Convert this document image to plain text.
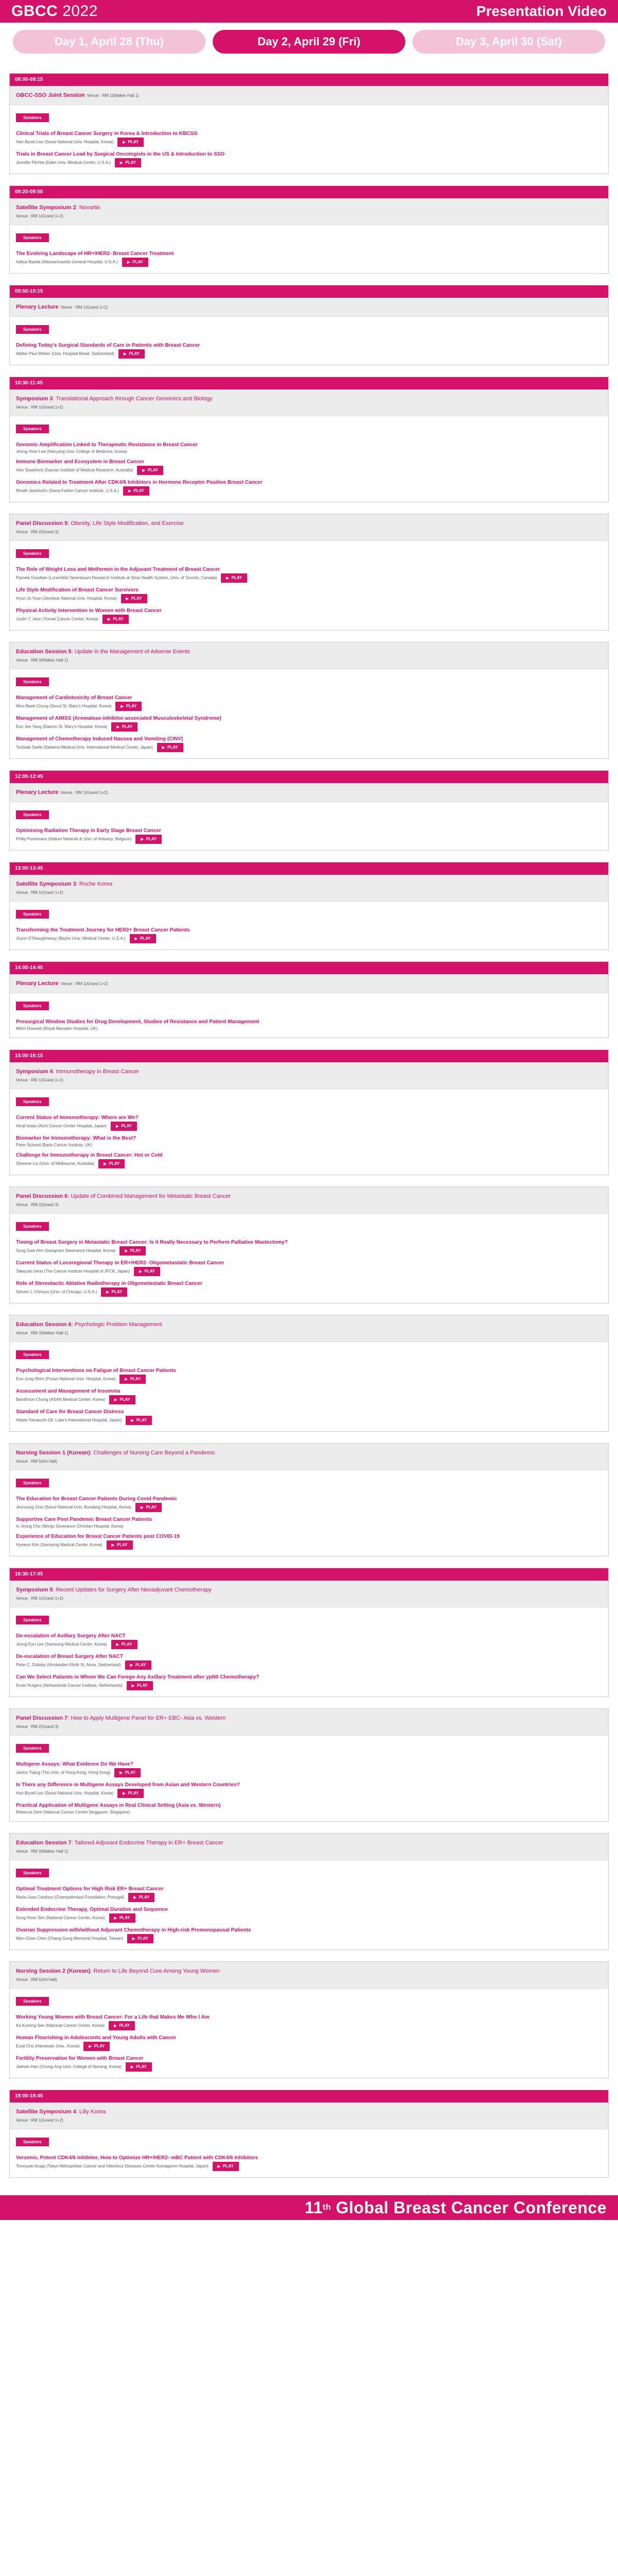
GBCC 2022	Presentation Video
Day 1, April 28 (Thu)	Day 2, April 29 (Fri)	Day 3, April 30 (Sat)
08:00-09:15
GBCC-SSO Joint Session Venue : RM 1(Walker Hall 1)
Speakers
Clinical Trials of Breast Cancer Surgery in Korea & Introduction to KBCSG
Han-Byoel Lee (Seoul National Univ. Hospital, Korea)	▶ PLAY
Trials in Breast Cancer Lead by Surgical Oncologists in the US & Introduction to SSO
Jennifer Plichta (Duke Univ. Medical Center, U.S.A.)	▶ PLAY
09:20-09:50
Satellite Symposium 2: Novartis
Venue : RM 1(Grand 1+2)
Speakers
The Evolving Landscape of HR+/HER2- Breast Cancer Treatment
Aditya Bardia (Massachusetts General Hospital, U.S.A.)	▶ PLAY
09:50-10:15
Plenary Lecture Venue : RM 1(Grand 1+2)
Speakers
Defining Today's Surgical Standards of Care in Patients with Breast Cancer
Walter Paul Weber (Univ. Hospital Basel, Switzerland)	▶ PLAY
10:30-11:45
Symposium 3: Translational Approach through Cancer Genomics and Biology
Venue : RM 1(Grand 1+2)
Speakers
Genomic Amplification Linked to Therapeutic Resistance in Breast Cancer
Jeong-Yeon Lee (Hanyang Univ. College of Medicine, Korea)
Immune Biomarker and Ecosystem in Breast Cancer
Alex Swarbrick (Garvan Institute of Medical Research, Australia)	▶ PLAY
Genomics Related to Treatment After CDK4/6 Inhibitors in Hormone Receptor Positive Breast Cancer
Rinath Jeselsohn (Dana-Farber Cancer Institute, U.S.A.)	▶ PLAY
Panel Discussion 5: Obesity, Life Style Modification, and Exercise
Venue : RM 2(Grand 3)
Speakers
The Role of Weight Loss and Metformin in the Adjuvant Treatment of Breast Cancer
Pamela Goodwin (Lunenfeld-Tanenbaum Research Institute at Sinai Health System, Univ. of Toronto, Canada)	▶ PLAY
Life Style Modification of Breast Cancer Survivors
Hyun Jo Youn (Jeonbuk National Univ. Hospital, Korea)	▶ PLAY
Physical Activity Intervention in Women with Breast Cancer
Justin Y. Jeon (Yonsei Cancer Center, Korea)	▶ PLAY
Education Session 5: Update in the Management of Adverse Events
Venue : RM 3(Walker Hall 1)
Speakers
Management of Cardiotoxicity of Breast Cancer
Woo-Baek Chung (Seoul St. Mary's Hospital, Korea)	▶ PLAY
Management of AIMSS (Aromatase-inhibitor-associated Musculoskeletal Syndrome)
Eun Jee Yang (Daerim St. Mary's Hospital, Korea)	▶ PLAY
Management of Chemotherapy Induced Nausea and Vomiting (CINV)
Toshiaki Saeki (Saitama Medical Univ. International Medical Center, Japan)	▶ PLAY
12:00-12:45
Plenary Lecture Venue : RM 1(Grand 1+2)
Speakers
Optimising Radiation Therapy in Early Stage Breast Cancer
Philip Poortmans (Iridium Network & Univ. of Antwerp, Belgium)	▶ PLAY
13:00-13:45
Satellite Symposium 3: Roche Korea
Venue : RM 1(Grand 1+2)
Speakers
Transforming the Treatment Journey for HER2+ Breast Cancer Patients
Joyce O'Shaughnessy (Baylor Univ. Medical Center, U.S.A.)	▶ PLAY
14:00-14:45
Plenary Lecture Venue : RM 1(Grand 1+2)
Speakers
Presurgical Window Studies for Drug Development, Studies of Resistance and Patient Management
Mitch Dowsett (Royal Marsden Hospital, UK)
15:00-16:15
Symposium 4: Immunotherapy in Breast Cancer
Venue : RM 1(Grand 1+2)
Speakers
Current Status of Immunotherapy: Where are We?
Hiroji Iwata (Aichi Cancer Center Hospital, Japan)	▶ PLAY
Biomarker for Immunotherapy: What is the Best?
Peter Schmid (Barts Cancer Institute, UK)
Challenge for Immunotherapy in Breast Cancer: Hot or Cold
Sherene Loi (Univ. of Melbourne, Australia)	▶ PLAY
Panel Discussion 6: Update of Combined Management for Metastatic Breast Cancer
Venue : RM 2(Grand 3)
Speakers
Timing of Breast Surgery in Metastatic Breast Cancer: Is it Really Necessary to Perform Palliative Mastectomy?
Sung Gwe Ahn (Gangnam Severance Hospital, Korea)	▶ PLAY
Current Status of Locoregional Therapy in ER+/HER2- Oligometastatic Breast Cancer
Takayuki Ueno (The Cancer Institute Hospital of JFCR, Japan)	▶ PLAY
Role of Stereotactic Ablative Radiotherapy in Oligometastatic Breast Cancer
Steven J. Chmura (Univ. of Chicago, U.S.A.)	▶ PLAY
Education Session 6: Psychologic Problem Management
Venue : RM 3(Walker Hall 1)
Speakers
Psychological Interventions on Fatigue of Breast Cancer Patients
Eun-Jung Shim (Pusan National Univ. Hospital, Korea)	▶ PLAY
Assessment and Management of Insomnia
Bandhoon Chung (ASAN Medical Center, Korea)	▶ PLAY
Standard of Care for Breast Cancer Distress
Hideki Yamauchi (St. Luke's International Hospital, Japan)	▶ PLAY
Nursing Session 1 (Korean): Challenges of Nursing Care Beyond a Pandemic
Venue : RM 5(Art Hall)
Speakers
The Education for Breast Cancer Patients During Covid Pandemic
Jeonsung Choi (Seoul National Univ. Bundang Hospital, Korea)	▶ PLAY
Supportive Care Post Pandemic Breast Cancer Patients
In Jeong Cho (Wonju Severance Christian Hospital, Korea)
Experience of Education for Breast Cancer Patients post COVID-19
Hyewon Kim (Samsung Medical Center, Korea)	▶ PLAY
16:30-17:45
Symposium 5: Recent Updates for Surgery After Neoadjuvant Chemotherapy
Venue : RM 1(Grand 1+2)
Speakers
De-escalation of Axillary Surgery After NACT
Jeong Eon Lee (Samsung Medical Center, Korea)	▶ PLAY
De-escalation of Breast Surgery After NACT
Peter C. Dubsky (Hirslanden Klinik St. Anna, Switzerland)	▶ PLAY
Can We Select Patients in Whom We Can Forego Any Axillary Treatment after ypN0 Chemotherapy?
Emiel Rutgers (Netherlands Cancer Institute, Netherlands)	▶ PLAY
Panel Discussion 7: How to Apply Multigene Panel for ER+ EBC- Asia vs. Western
Venue : RM 2(Grand 3)
Speakers
Multigene Assays: What Evidence Do We Have?
Janice Tsang (The Univ. of Hong Kong, Hong Kong)	▶ PLAY
Is There any Difference in Multigene Assays Developed from Asian and Western Countries?
Han-Byoel Lee (Seoul National Univ. Hospital, Korea)	▶ PLAY
Practical Application of Multigene Assays in Real Clinical Setting (Asia vs. Western)
Rebecca Dent (National Cancer Centre Singapore, Singapore)
Education Session 7: Tailored Adjuvant Endocrine Therapy in ER+ Breast Cancer
Venue : RM 3(Walker Hall 1)
Speakers
Optimal Treatment Options for High Risk ER+ Breast Cancer
Maria-Joao Cardoso (Champalimaud Foundation, Portugal)	▶ PLAY
Extended Endocrine Therapy, Optimal Duration and Sequence
Sung Hoon Sim (National Cancer Center, Korea)	▶ PLAY
Ovarian Suppression with/without Adjuvant Chemotherapy in High-risk Premenopausal Patients
Wen-Chen Chen (Chang Gung Memorial Hospital, Taiwan)	▶ PLAY
Nursing Session 2 (Korean): Return to Life Beyond Cure Among Young Women
Venue : RM 5(Art Hall)
Speakers
Working Young Women with Breast Cancer: For a Life that Makes Me Who I Am
Ka Kyeong Seo (National Cancer Center, Korea)	▶ PLAY
Human Flourishing in Adolescents and Young Adults with Cancer
Eunji Cho (Hanseatic Univ., Korea)	▶ PLAY
Fertility Preservation for Women with Breast Cancer
Jaehee Han (Chung-Ang Univ. College of Nursing, Korea)	▶ PLAY
18:00-18:45
Satellite Symposium 4: Lilly Korea
Venue : RM 1(Grand 1+2)
Speakers
Verzenio, Potent CDK4/6 Inhibitor, How to Optimize HR+/HER2- mBC Patient with CDK4/6 Inhibitors
Tomoyuki Aruga (Tokyo Metropolitan Cancer and Infectious Diseases Center Komagome Hospital, Japan)	▶ PLAY
11 th Global Breast Cancer Conference
